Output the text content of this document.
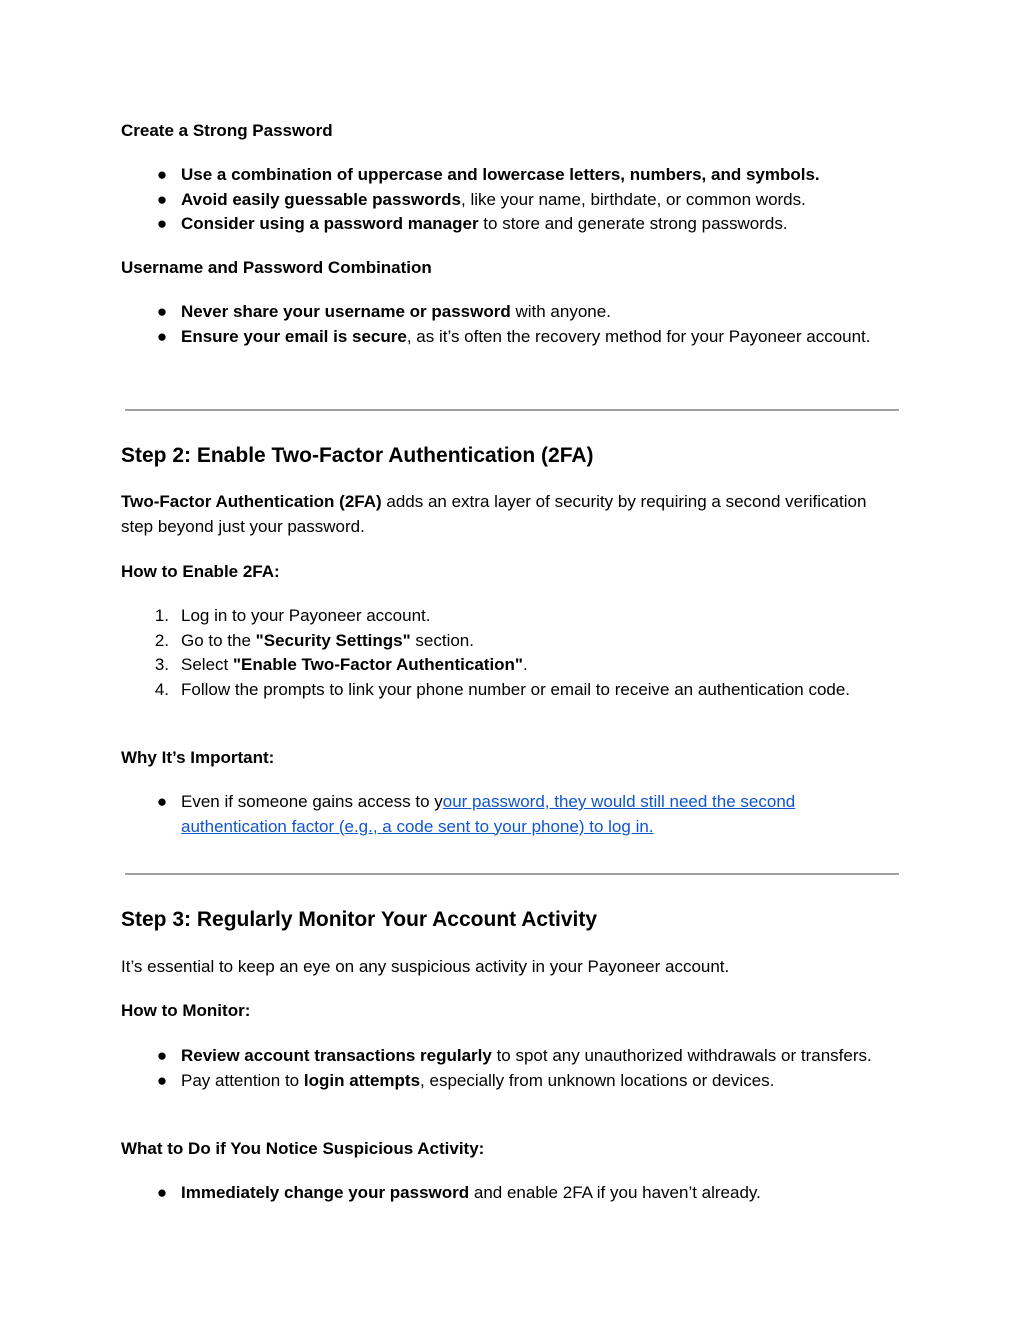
Create a Strong Password

● Use a combination of uppercase and lowercase letters, numbers, and symbols.
● Avoid easily guessable passwords, like your name, birthdate, or common words.
● Consider using a password manager to store and generate strong passwords.

Username and Password Combination

● Never share your username or password with anyone.
● Ensure your email is secure, as it’s often the recovery method for your Payoneer account.
Step 2: Enable Two-Factor Authentication (2FA)

Two-Factor Authentication (2FA) adds an extra layer of security by requiring a second verification step beyond just your password.

How to Enable 2FA:

1. Log in to your Payoneer account.
2. Go to the "Security Settings" section.
3. Select "Enable Two-Factor Authentication".
4. Follow the prompts to link your phone number or email to receive an authentication code.

Why It’s Important:

● Even if someone gains access to your password, they would still need the second authentication factor (e.g., a code sent to your phone) to log in.
Step 3: Regularly Monitor Your Account Activity

It’s essential to keep an eye on any suspicious activity in your Payoneer account.

How to Monitor:

● Review account transactions regularly to spot any unauthorized withdrawals or transfers.
● Pay attention to login attempts, especially from unknown locations or devices.

What to Do if You Notice Suspicious Activity:

● Immediately change your password and enable 2FA if you haven’t already.
